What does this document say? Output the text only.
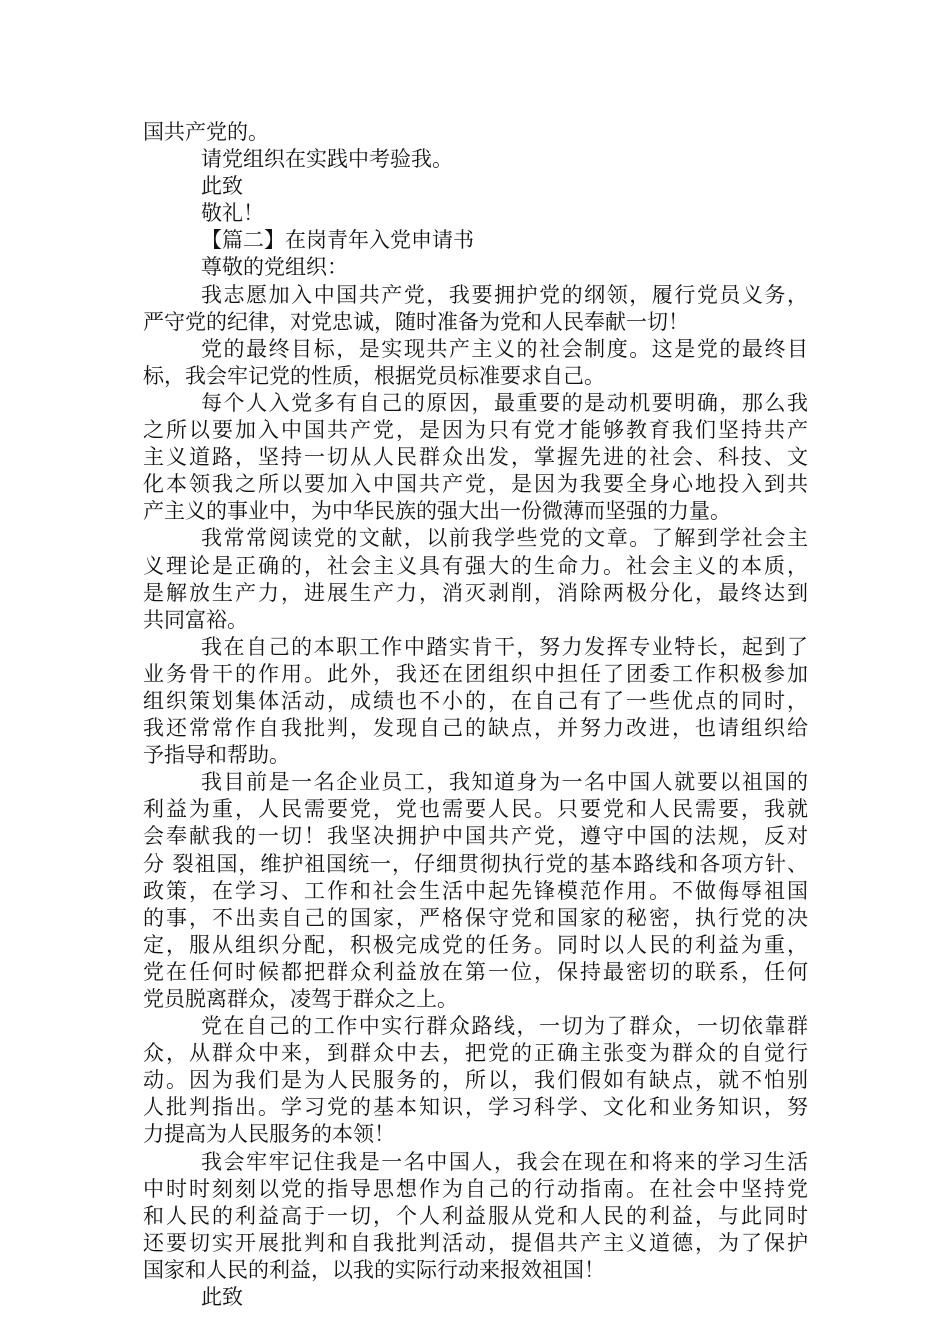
国共产党的。
请党组织在实践中考验我。
此致
敬礼！
【篇二】在岗青年入党申请书
尊敬的党组织：
我志愿加入中国共产党，我要拥护党的纲领，履行党员义务，
严守党的纪律，对党忠诚，随时准备为党和人民奉献一切！
党的最终目标，是实现共产主义的社会制度。这是党的最终目
标，我会牢记党的性质，根据党员标准要求自己。
每个人入党多有自己的原因，最重要的是动机要明确，那么我
之所以要加入中国共产党，是因为只有党才能够教育我们坚持共产
主义道路，坚持一切从人民群众出发，掌握先进的社会、科技、文
化本领我之所以要加入中国共产党，是因为我要全身心地投入到共
产主义的事业中，为中华民族的强大出一份微薄而坚强的力量。
我常常阅读党的文献，以前我学些党的文章。了解到学社会主
义理论是正确的，社会主义具有强大的生命力。社会主义的本质，
是解放生产力，进展生产力，消灭剥削，消除两极分化，最终达到
共同富裕。
我在自己的本职工作中踏实肯干，努力发挥专业特长，起到了
业务骨干的作用。此外，我还在团组织中担任了团委工作积极参加
组织策划集体活动，成绩也不小的，在自己有了一些优点的同时，
我还常常作自我批判，发现自己的缺点，并努力改进，也请组织给
予指导和帮助。
我目前是一名企业员工，我知道身为一名中国人就要以祖国的
利益为重，人民需要党，党也需要人民。只要党和人民需要，我就
会奉献我的一切！我坚决拥护中国共产党，遵守中国的法规，反对
分 裂祖国，维护祖国统一，仔细贯彻执行党的基本路线和各项方针、
政策，在学习、工作和社会生活中起先锋模范作用。不做侮辱祖国
的事，不出卖自己的国家，严格保守党和国家的秘密，执行党的决
定，服从组织分配，积极完成党的任务。同时以人民的利益为重，
党在任何时候都把群众利益放在第一位，保持最密切的联系，任何
党员脱离群众，凌驾于群众之上。
党在自己的工作中实行群众路线，一切为了群众，一切依靠群
众，从群众中来，到群众中去，把党的正确主张变为群众的自觉行
动。因为我们是为人民服务的，所以，我们假如有缺点，就不怕别
人批判指出。学习党的基本知识，学习科学、文化和业务知识，努
力提高为人民服务的本领！
我会牢牢记住我是一名中国人，我会在现在和将来的学习生活
中时时刻刻以党的指导思想作为自己的行动指南。在社会中坚持党
和人民的利益高于一切，个人利益服从党和人民的利益，与此同时
还要切实开展批判和自我批判活动，提倡共产主义道德，为了保护
国家和人民的利益，以我的实际行动来报效祖国！
此致
